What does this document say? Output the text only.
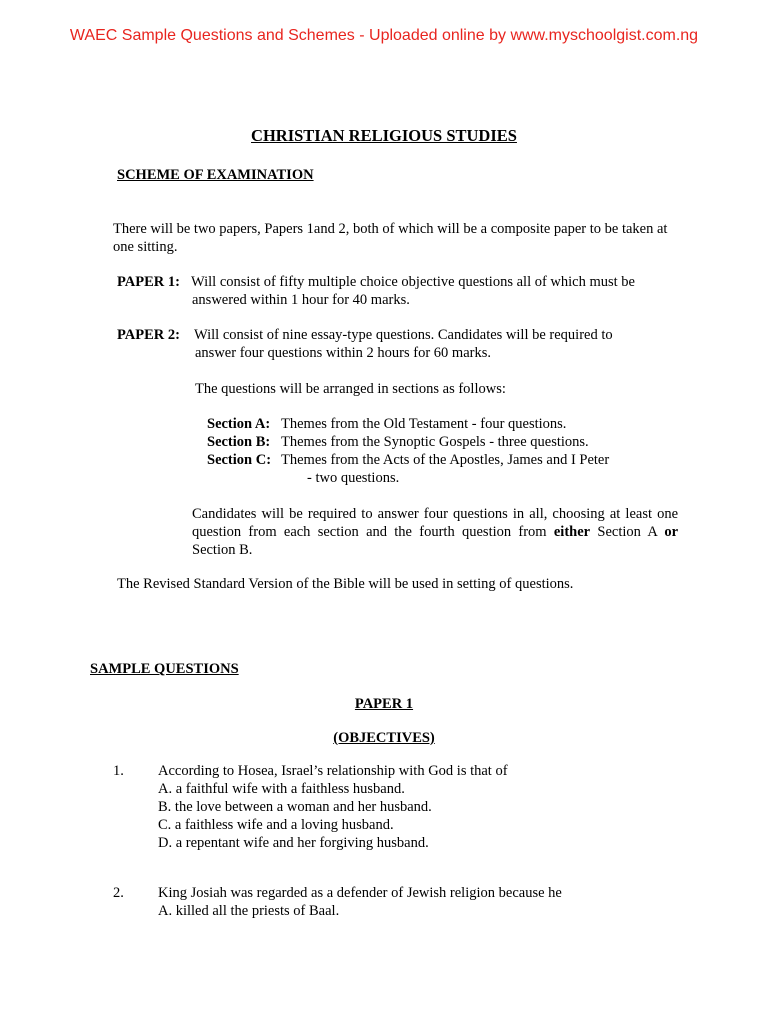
WAEC Sample Questions and Schemes - Uploaded online by www.myschoolgist.com.ng
CHRISTIAN RELIGIOUS STUDIES
SCHEME OF EXAMINATION
There will be two papers, Papers 1and 2, both of which will be a composite paper to be taken at one sitting.
PAPER 1: Will consist of fifty multiple choice objective questions all of which must be
answered within 1 hour for 40 marks.
PAPER 2: Will consist of nine essay-type questions. Candidates will be required to
answer four questions within 2 hours for 60 marks.
The questions will be arranged in sections as follows:
Section A: Themes from the Old Testament - four questions.
Section B: Themes from the Synoptic Gospels - three questions.
Section C: Themes from the Acts of the Apostles, James and I Peter
- two questions.
Candidates will be required to answer four questions in all, choosing at least one question from each section and the fourth question from either Section A or Section B.
The Revised Standard Version of the Bible will be used in setting of questions.
SAMPLE QUESTIONS
PAPER 1
(OBJECTIVES)
1. According to Hosea, Israel’s relationship with God is that of
A. a faithful wife with a faithless husband.
B. the love between a woman and her husband.
C. a faithless wife and a loving husband.
D. a repentant wife and her forgiving husband.
2. King Josiah was regarded as a defender of Jewish religion because he
A. killed all the priests of Baal.
